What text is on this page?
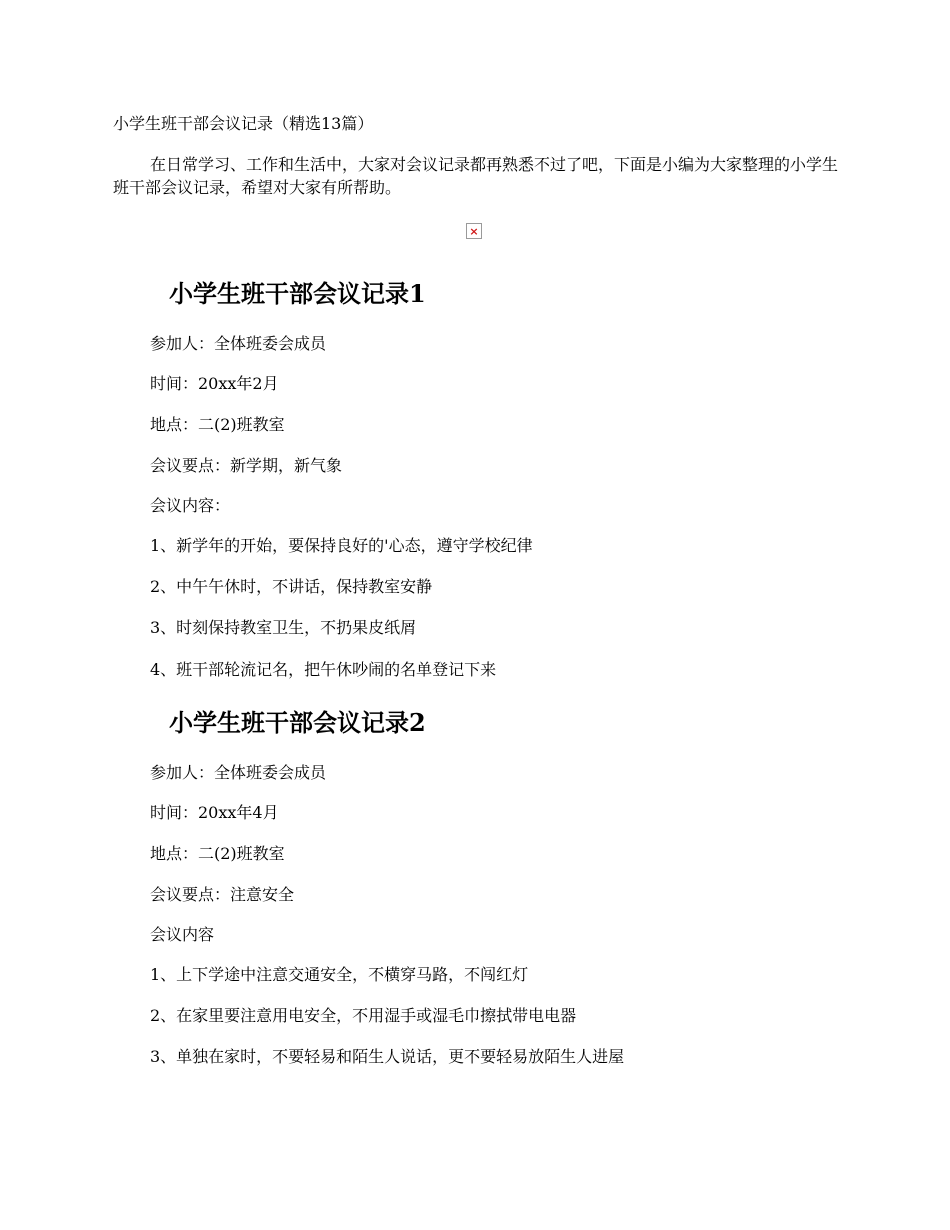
小学生班干部会议记录（精选13篇）

在日常学习、工作和生活中，大家对会议记录都再熟悉不过了吧，下面是小编为大家整理的小学生班干部会议记录，希望对大家有所帮助。

×
小学生班干部会议记录1
参加人：全体班委会成员
时间：20xx年2月
地点：二(2)班教室
会议要点：新学期，新气象
会议内容：
1、新学年的开始，要保持良好的'心态，遵守学校纪律
2、中午午休时，不讲话，保持教室安静
3、时刻保持教室卫生，不扔果皮纸屑
4、班干部轮流记名，把午休吵闹的名单登记下来
小学生班干部会议记录2
参加人：全体班委会成员
时间：20xx年4月
地点：二(2)班教室
会议要点：注意安全
会议内容
1、上下学途中注意交通安全，不横穿马路，不闯红灯
2、在家里要注意用电安全，不用湿手或湿毛巾擦拭带电电器
3、单独在家时，不要轻易和陌生人说话，更不要轻易放陌生人进屋
